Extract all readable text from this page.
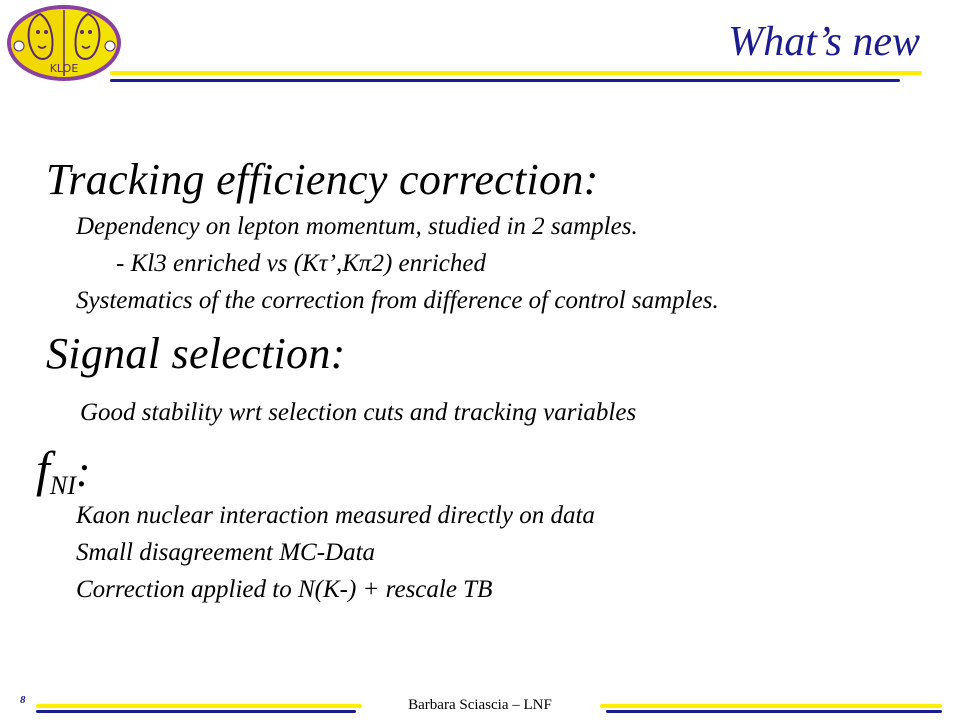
KLOE
What’s new
Tracking efficiency correction:
Dependency on lepton momentum, studied in 2 samples.
- Kl3 enriched vs (Kτ’,Kπ2) enriched
Systematics of the correction from difference of control samples.
Signal selection:
Good stability wrt selection cuts and tracking variables
fNI:
Kaon nuclear interaction measured directly on data
Small disagreement MC-Data
Correction applied to N(K-) + rescale TB
8	Barbara Sciascia – LNF
